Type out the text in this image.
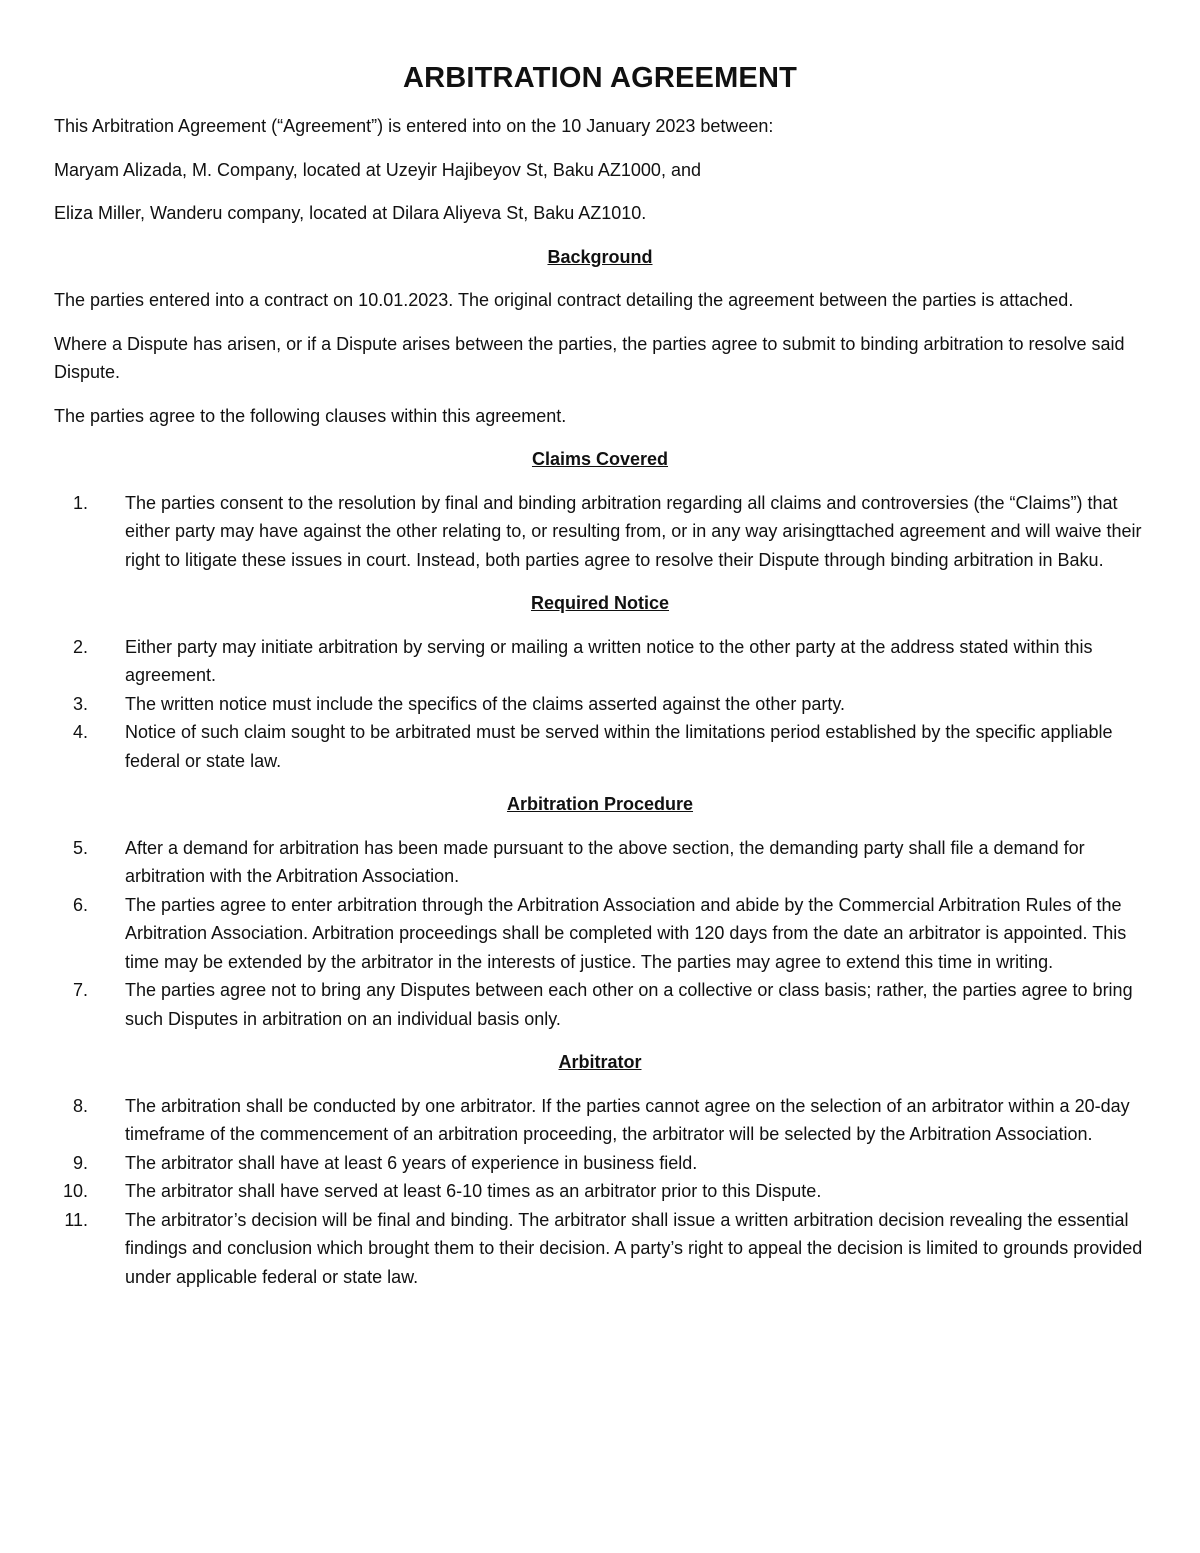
ARBITRATION AGREEMENT

This Arbitration Agreement (“Agreement”) is entered into on the 10 January 2023 between:

Maryam Alizada, M. Company, located at Uzeyir Hajibeyov St, Baku AZ1000, and

Eliza Miller, Wanderu company, located at Dilara Aliyeva St, Baku AZ1010.

Background

The parties entered into a contract on 10.01.2023. The original contract detailing the agreement between the parties is attached.

Where a Dispute has arisen, or if a Dispute arises between the parties, the parties agree to submit to binding arbitration to resolve said Dispute.

The parties agree to the following clauses within this agreement.

Claims Covered
1.	The parties consent to the resolution by final and binding arbitration regarding all claims and controversies (the “Claims”) that either party may have against the other relating to, or resulting from, or in any way arisingttached agreement and will waive their right to litigate these issues in court. Instead, both parties agree to resolve their Dispute through binding arbitration in Baku.
Required Notice
2.	Either party may initiate arbitration by serving or mailing a written notice to the other party at the address stated within this agreement.
3.	The written notice must include the specifics of the claims asserted against the other party.
4.	Notice of such claim sought to be arbitrated must be served within the limitations period established by the specific appliable federal or state law.
Arbitration Procedure
5.	After a demand for arbitration has been made pursuant to the above section, the demanding party shall file a demand for arbitration with the Arbitration Association.
6.	The parties agree to enter arbitration through the Arbitration Association and abide by the Commercial Arbitration Rules of the Arbitration Association. Arbitration proceedings shall be completed with 120 days from the date an arbitrator is appointed. This time may be extended by the arbitrator in the interests of justice. The parties may agree to extend this time in writing.
7.	The parties agree not to bring any Disputes between each other on a collective or class basis; rather, the parties agree to bring such Disputes in arbitration on an individual basis only.
Arbitrator
8.	The arbitration shall be conducted by one arbitrator. If the parties cannot agree on the selection of an arbitrator within a 20-day timeframe of the commencement of an arbitration proceeding, the arbitrator will be selected by the Arbitration Association.
9.	The arbitrator shall have at least 6 years of experience in business field.
10.	The arbitrator shall have served at least 6-10 times as an arbitrator prior to this Dispute.
11.	The arbitrator’s decision will be final and binding. The arbitrator shall issue a written arbitration decision revealing the essential findings and conclusion which brought them to their decision. A party’s right to appeal the decision is limited to grounds provided under applicable federal or state law.
